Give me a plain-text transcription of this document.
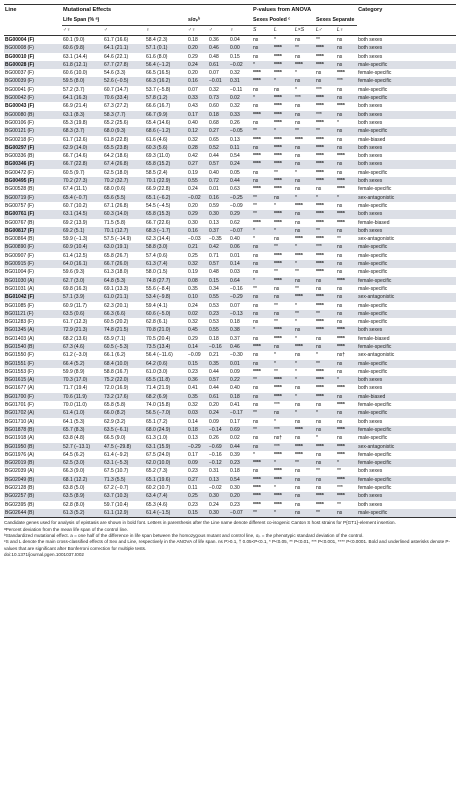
Line	Mutational Effects						P-values from ANOVA					Category
	Life Span (% ᵃ)			s/σₚᵇ			Sexes Pooled ᶜ			Sexes Separate		
	♂♀	♂	♀	♂♀	♂	♀	S	L	L×S	L♂	L♀	
BG00004 (F)	60.1 (9.0)	61.7 (16.6)	58.4 (2.3)	0.18	0.36	0.04	ns	*	ns	**	ns	both sexes
BG00008 (F)	60.6 (9.8)	64.1 (21.1)	57.1 (0.1)	0.20	0.46	0.00	ns	****	**	****	ns	both sexes
BG00010 (F)	63.1 (14.4)	64.6 (22.1)	61.6 (8.0)	0.29	0.48	0.15	ns	****	ns	****	ns	both sexes
BG00028 (F)	61.8 (12.1)	67.7 (27.8)	56.4 (−1.2)	0.24	0.61	−0.02	*	****	****	****	ns	male-specific
BG00037 (F)	60.6 (10.0)	54.6 (3.3)	66.5 (16.5)	0.20	0.07	0.32	****	****	*	ns	****	female-specific
BG00039 (F)	59.5 (8.0)	52.6 (−0.5)	66.3 (16.2)	0.16	−0.01	0.31	****	*	ns	ns	***	female-specific
BG00041 (F)	57.2 (3.7)	60.7 (14.7)	53.7 (−5.8)	0.07	0.32	−0.11	ns	ns	*	***	ns	male-specific
BG00042 (F)	64.1 (16.3)	70.6 (33.4)	57.8 (1.2)	0.33	0.73	0.02	*	****	***	****	ns	male-specific
BG00043 (F)	66.9 (21.4)	67.3 (27.2)	66.6 (16.7)	0.43	0.60	0.32	ns	****	ns	****	****	both sexes
BG00080 (B)	63.1 (8.3)	58.3 (7.7)	66.7 (9.9)	0.17	0.18	0.33	****	****	ns	***	ns	both sexes
BG00106 (F)	65.3 (19.8)	65.2 (25.6)	65.4 (14.6)	0.40	0.68	0.26	ns	****	ns	****	*	both sexes
BG00121 (F)	68.3 (3.7)	68.0 (9.3)	68.6 (−1.2)	0.12	0.27	−0.05	**	*	**	**	ns	male-specific
BG00218 (F)	61.7 (12.6)	61.8 (22.8)	61.6 (4.6)	0.32	0.65	0.13	****	****	****	****	ns	male-biased
BG00297 (F)	62.9 (14.0)	65.5 (23.8)	60.3 (5.6)	0.28	0.52	0.11	ns	****	ns	****	ns	both sexes
BG00336 (B)	66.7 (14.6)	64.2 (18.6)	69.3 (11.0)	0.42	0.44	0.54	****	****	ns	****	****	both sexes
BG00346 (F)	66.7 (22.8)	67.4 (26.8)	65.8 (15.2)	0.27	0.57	0.24	****	****	ns	****	ns	both sexes
BG00472 (F)	60.5 (9.7)	62.5 (18.0)	58.5 (2.4)	0.19	0.40	0.05	ns	**	*	****	ns	male-specific
BG00495 (F)	70.2 (27.3)	70.2 (32.7)	70.1 (22.9)	0.55	0.72	0.44	ns	****	ns	****	****	both sexes
BG00528 (B)	67.4 (11.1)	68.0 (0.6)	66.9 (22.8)	0.24	0.01	0.63	****	****	ns	ns	****	female-specific
BG00719 (F)	65.4 (−0.7)	65.6 (5.5)	65.1 (−6.2)	−0.02	0.16	−0.25	**	ns	*	*	*	sex-antagonistic
BG00757 (F)	60.7 (10.2)	67.1 (26.8)	54.5 (−4.5)	0.20	0.59	−0.09	**	*	****	****	ns	male-specific
BG00761 (F)	63.1 (14.5)	60.3 (14.0)	65.8 (15.3)	0.29	0.30	0.29	**	****	ns	****	****	both sexes
BG00767 (B)	69.2 (13.9)	71.5 (5.8)	66.7 (22.6)	0.30	0.13	0.62	****	****	ns	****	****	female-biased
BG00817 (F)	69.2 (5.1)	70.1 (12.7)	68.3 (−1.7)	0.16	0.37	−0.07	*	*	ns	**	ns	both sexes
BG00864 (B)	59.9 (−1.3)	57.5 (−14.9)	62.3 (14.4)	−0.03	−0.35	0.40	*	ns	****	****	**	sex-antagonistic
BG00890 (F)	60.9 (10.4)	63.0 (19.1)	58.8 (3.0)	0.21	0.42	0.06	ns	**	*	***	ns	male-specific
BG00907 (F)	61.4 (12.5)	65.8 (26.7)	57.4 (0.6)	0.25	0.71	0.01	ns	****	****	****	ns	male-specific
BG00915 (F)	64.0 (16.1)	66.7 (26.0)	61.3 (7.4)	0.32	0.57	0.14	ns	****	*	****	ns	male-specific
BG01004 (F)	59.6 (9.3)	61.3 (18.0)	58.0 (1.5)	0.19	0.48	0.03	ns	**	**	****	ns	male-specific
BG01030 (A)	62.7 (3.0)	64.8 (5.3)	74.8 (27.7)	0.08	0.15	0.64	*	****	ns	ns	****	female-specific
BG01031 (A)	69.8 (16.3)	69.1 (13.3)	55.6 (−8.4)	0.35	0.34	−0.16	**	ns	**	ns	ns	male-specific
BG01042 (F)	57.1 (3.9)	61.0 (21.1)	53.4 (−9.8)	0.10	0.55	−0.29	ns	ns	****	****	ns	sex-antagonistic
BG01085 (F)	60.9 (11.7)	62.3 (20.1)	59.4 (4.1)	0.24	0.53	0.07	ns	**	*	****	ns	male-specific
BG01121 (F)	63.5 (0.6)	66.3 (6.6)	60.6 (−5.0)	0.02	0.23	−0.13	ns	ns	**	**	ns	male-specific
BG01283 (F)	61.7 (12.3)	60.5 (20.2)	62.8 (6.1)	0.32	0.53	0.18	ns	**	*	****	ns	male-specific
BG01345 (A)	72.9 (21.3)	74.8 (21.5)	70.8 (21.0)	0.45	0.55	0.38	*	****	ns	****	****	both sexes
BG01403 (A)	68.2 (13.6)	65.9 (7.1)	70.5 (20.4)	0.29	0.18	0.37	ns	****	*	ns	****	female-biased
BG01540 (B)	67.3 (4.6)	60.5 (−5.3)	73.5 (13.4)	0.14	−0.16	0.46	****	ns	****	ns	****	female-specific
BG01550 (F)	61.2 (−3.0)	66.1 (6.2)	56.4 (−11.6)	−0.09	0.21	−0.30	ns	*	ns	*	ns†	sex-antagonistic
BG01551 (F)	66.4 (5.2)	68.4 (10.0)	64.2 (0.6)	0.15	0.35	0.01	ns	*	*	**	ns	male-specific
BG01553 (F)	59.9 (8.9)	58.8 (16.7)	61.0 (3.0)	0.23	0.44	0.09	****	**	*	****	ns	male-specific
BG01615 (A)	70.3 (17.0)	75.2 (22.0)	65.5 (11.8)	0.36	0.57	0.22	**	****	*	****	*	both sexes
BG01677 (A)	71.7 (19.4)	72.0 (16.9)	71.4 (21.9)	0.41	0.44	0.40	ns	****	ns	****	****	both sexes
BG01700 (F)	70.6 (11.9)	73.2 (17.6)	68.2 (6.9)	0.35	0.61	0.18	ns	****	*	****	ns	male-biased
BG01701 (F)	70.0 (11.0)	65.8 (5.8)	74.0 (15.8)	0.32	0.20	0.41	ns	***	ns	ns	****	female-specific
BG01702 (A)	61.4 (1.0)	66.0 (8.2)	56.5 (−7.0)	0.03	0.24	−0.17	**	ns	*	*	ns	male-specific
BG01710 (A)	64.1 (5.3)	62.9 (3.2)	65.1 (7.2)	0.14	0.09	0.17	ns	*	ns	ns	ns	both sexes
BG01878 (B)	65.7 (8.3)	63.5 (−6.1)	68.0 (24.9)	0.18	−0.14	0.69	**	***	****	ns	****	female-specific
BG01918 (A)	63.8 (4.8)	66.5 (9.0)	61.3 (1.0)	0.13	0.26	0.02	ns	ns†	ns	*	ns	male-specific
BG01950 (B)	52.7 (−13.1)	47.5 (−29.8)	63.1 (15.9)	−0.29	−0.69	0.44	ns	***	****	****	****	sex-antagonistic
BG01976 (A)	64.5 (6.2)	61.4 (−9.2)	67.5 (24.0)	0.17	−0.16	0.39	*	****	****	ns	****	female-specific
BG02019 (B)	62.5 (3.0)	63.1 (−5.3)	62.0 (10.0)	0.09	−0.12	0.23	****	*	**	ns	*	female-specific
BG02039 (A)	66.3 (9.0)	67.5 (10.7)	65.2 (7.3)	0.23	0.31	0.18	ns	****	ns	**	**	both sexes
BG02049 (B)	68.1 (12.2)	71.3 (5.5)	65.1 (19.6)	0.27	0.13	0.54	****	****	ns	ns	****	female-specific
BG02128 (B)	63.8 (5.0)	67.2 (−0.7)	60.2 (10.7)	0.11	−0.02	0.30	****	*	ns	ns	***	female-specific
BG02257 (B)	63.5 (8.9)	63.7 (10.3)	63.4 (7.4)	0.25	0.30	0.20	****	****	ns	****	****	both sexes
BG02395 (B)	62.8 (8.0)	59.7 (10.4)	65.3 (4.6)	0.23	0.24	0.23	****	****	ns	****	**	both sexes
BG02644 (B)	61.3 (5.2)	61.1 (12.9)	61.4 (−1.5)	0.15	0.30	−0.07	**	*	ns	**	ns	male-specific
Candidate genes used for analysis of epistasis are shown in bold font. Letters in parenthesis after the Line name denote different co-isogenic Canton S host strains for P{GT1}-element insertion.
ᵃPercent deviation from the mean life span of the control line.
ᵇStandardized mutational effect. a = one half of the difference in life span between the homozygous mutant and control line, σₚ = the phenotypic standard deviation of the control.
ᶜS and L denote the main cross-classified effects of Sex and Line, respectively in the ANOVA of life span. ns P>0.1, † 0.05<P<0.1, * P<0.05, ** P<0.01, *** P<0.001, **** P<0.0001. Bold and underlined asterisks denote P-values that are significant after Bonferroni correction for multiple tests.
doi:10.1371/journal.pgen.1001037.t002
